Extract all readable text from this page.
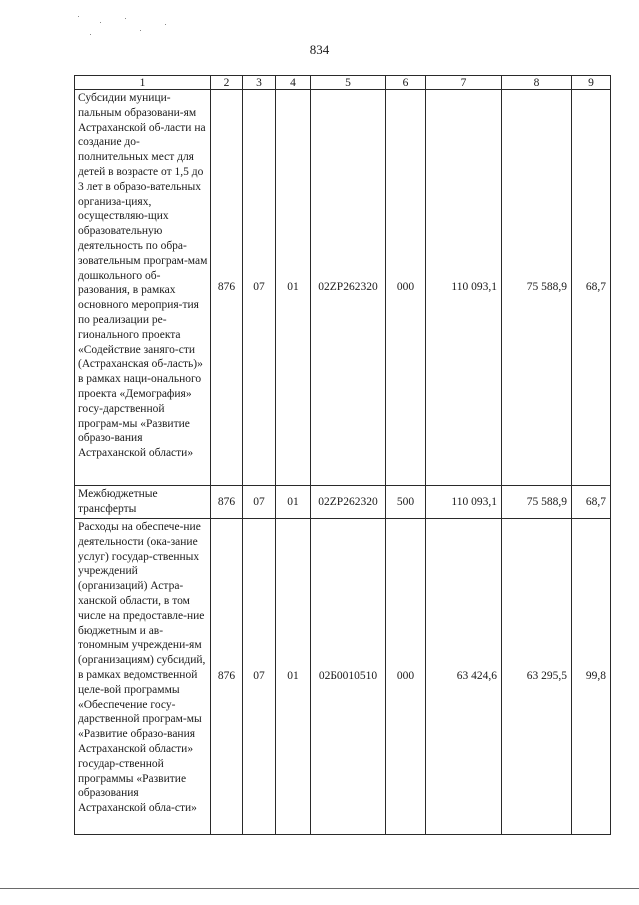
834
1	2	3	4	5	6	7	8	9
Субсидии муници-пальным образовани-ям Астраханской об-ласти на создание до-полнительных мест для детей в возрасте от 1,5 до 3 лет в образо-вательных организа-циях, осуществляю-щих образовательную деятельность по обра-зовательным програм-мам дошкольного об-разования, в рамках основного мероприя-тия по реализации ре-гионального проекта «Содействие заняго-сти (Астраханская об-ласть)» в рамках наци-онального проекта «Демография» госу-дарственной програм-мы «Развитие образо-вания Астраханской области»	876	07	01	02ZP262320	000	110 093,1	75 588,9	68,7
Межбюджетные трансферты	876	07	01	02ZP262320	500	110 093,1	75 588,9	68,7
Расходы на обеспече-ние деятельности (ока-зание услуг) государ-ственных учреждений (организаций) Астра-ханской области, в том числе на предоставле-ние бюджетным и ав-тономным учреждени-ям (организациям) субсидий, в рамках ведомственной целе-вой программы «Обеспечение госу-дарственной програм-мы «Развитие образо-вания Астраханской области» государ-ственной программы «Развитие образования Астраханской обла-сти»	876	07	01	02Б0010510	000	63 424,6	63 295,5	99,8
